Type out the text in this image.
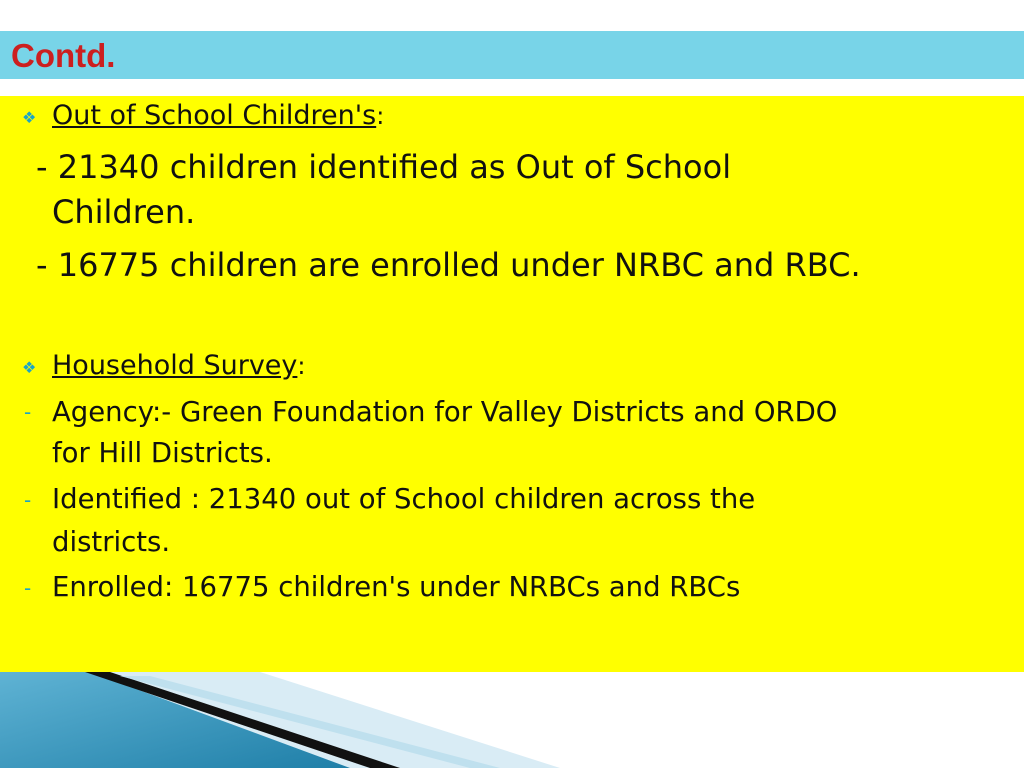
Contd.
❖ Out of School Children's:
- 21340 children identified as Out of School
Children.
- 16775 children are enrolled under NRBC and RBC.
❖ Household Survey:
- Agency:- Green Foundation for Valley Districts and ORDO
for Hill Districts.
- Identified : 21340 out of School children across the
districts.
- Enrolled: 16775 children's under NRBCs and RBCs
